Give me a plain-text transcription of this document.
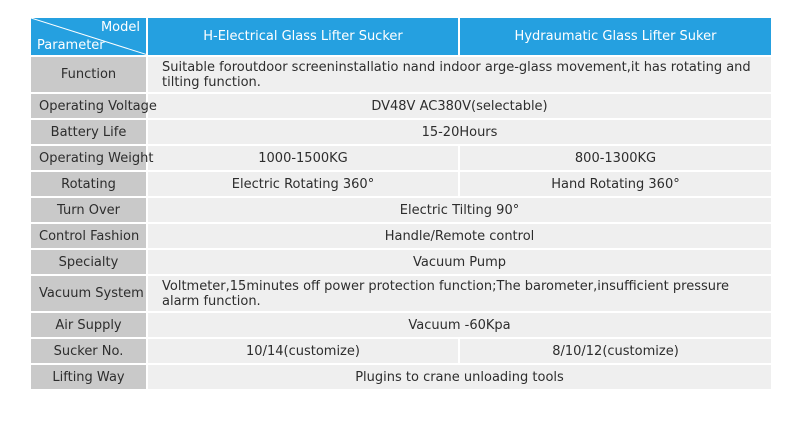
Model
Parameter	H-Electrical Glass Lifter Sucker	Hydraumatic Glass Lifter Suker
Function	Suitable foroutdoor screeninstallatio nand indoor arge-glass movement,it has rotating and tilting function.	
Operating Voltage	DV48V AC380V(selectable)	
Battery Life	15-20Hours	
Operating Weight	1000-1500KG	800-1300KG
Rotating	Electric Rotating 360°	Hand Rotating 360°
Turn Over	Electric Tilting 90°	
Control Fashion	Handle/Remote control	
Specialty	Vacuum Pump	
Vacuum System	Voltmeter,15minutes off power protection function;The barometer,insufficient pressure alarm function.	
Air Supply	Vacuum -60Kpa	
Sucker No.	10/14(customize)	8/10/12(customize)
Lifting Way	Plugins to crane unloading tools	
